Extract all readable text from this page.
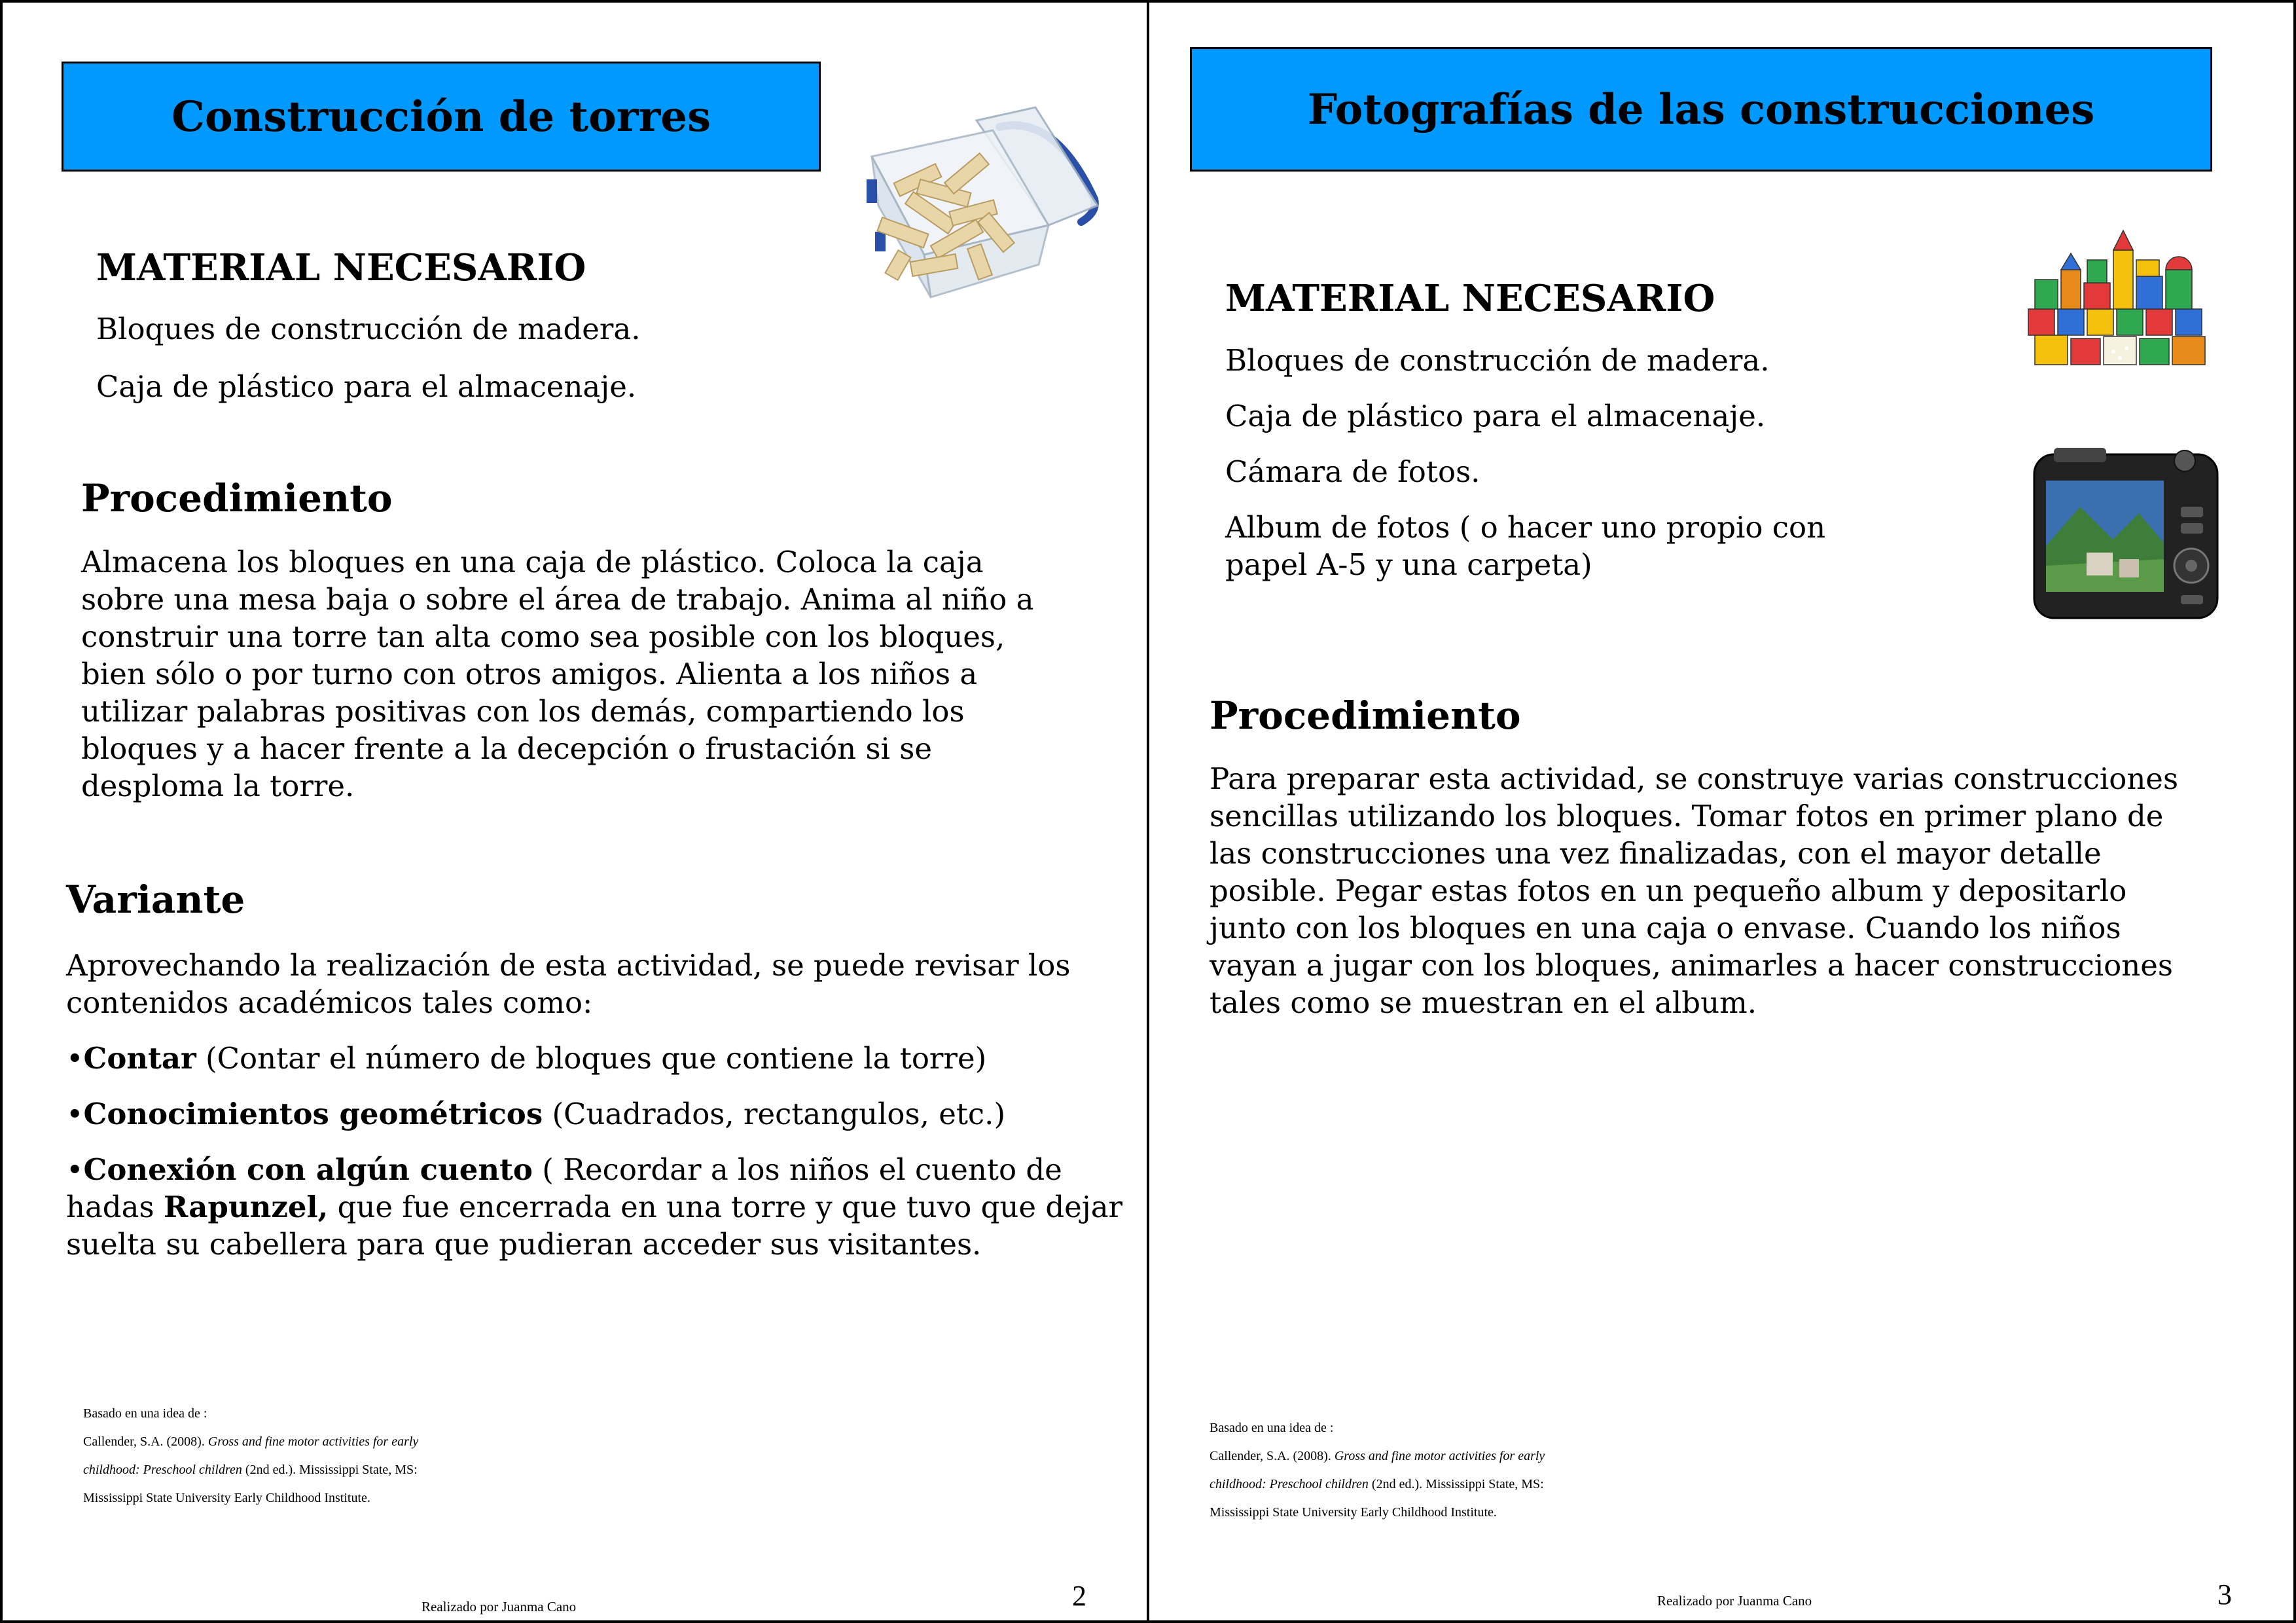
Construcción de torres
MATERIAL NECESARIO
Bloques de construcción de madera.
Caja de plástico para el almacenaje.
Procedimiento
Almacena los bloques en una caja de plástico. Coloca la caja
sobre una mesa baja o sobre el área de trabajo. Anima al niño a
construir una torre tan alta como sea posible con los bloques,
bien sólo o por turno con otros amigos. Alienta a los niños a
utilizar palabras positivas con los demás, compartiendo los
bloques y a hacer frente a la decepción o frustación si se
desploma la torre.
Variante
Aprovechando la realización de esta actividad, se puede revisar los
contenidos académicos tales como:
•Contar (Contar el número de bloques que contiene la torre)
•Conocimientos geométricos (Cuadrados, rectangulos, etc.)
•Conexión con algún cuento ( Recordar a los niños el cuento de
hadas Rapunzel, que fue encerrada en una torre y que tuvo que dejar
suelta su cabellera para que pudieran acceder sus visitantes.
Basado en una idea de :
Callender, S.A. (2008). Gross and fine motor activities for early
childhood: Preschool children (2nd ed.). Mississippi State, MS:
Mississippi State University Early Childhood Institute.
Realizado por Juanma Cano	2
Fotografías de las construcciones
MATERIAL NECESARIO
Bloques de construcción de madera.
Caja de plástico para el almacenaje.
Cámara de fotos.
Album de fotos ( o hacer uno propio con
papel A-5 y una carpeta)
Procedimiento
Para preparar esta actividad, se construye varias construcciones
sencillas utilizando los bloques. Tomar fotos en primer plano de
las construcciones una vez finalizadas, con el mayor detalle
posible. Pegar estas fotos en un pequeño album y depositarlo
junto con los bloques en una caja o envase. Cuando los niños
vayan a jugar con los bloques, animarles a hacer construcciones
tales como se muestran en el album.
Basado en una idea de :
Callender, S.A. (2008). Gross and fine motor activities for early
childhood: Preschool children (2nd ed.). Mississippi State, MS:
Mississippi State University Early Childhood Institute.
Realizado por Juanma Cano	3
